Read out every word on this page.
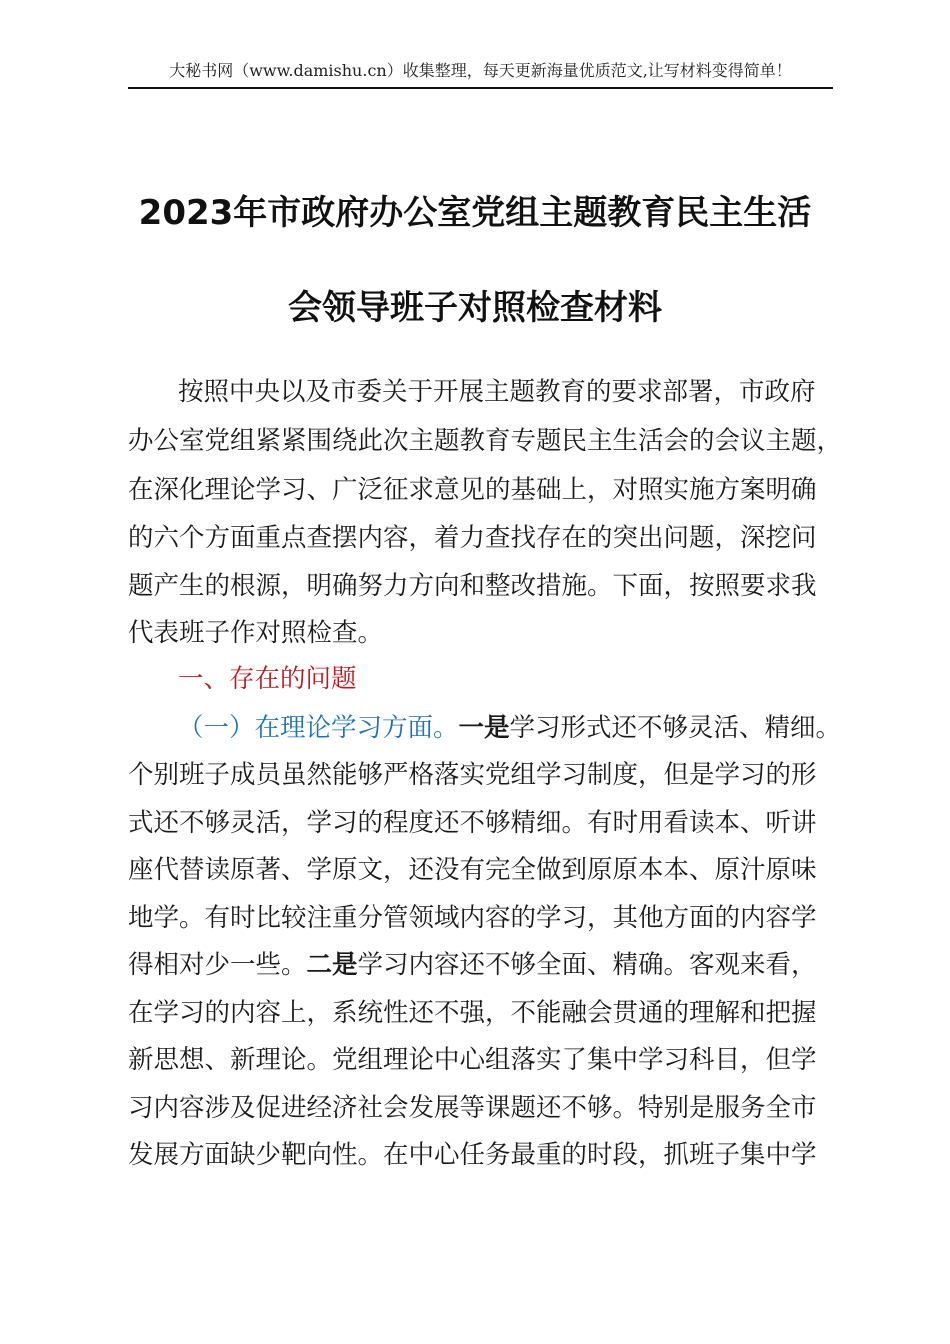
大秘书网（www.damishu.cn）收集整理，每天更新海量优质范文,让写材料变得简单！
2023年市政府办公室党组主题教育民主生活
会领导班子对照检查材料
按照中央以及市委关于开展主题教育的要求部署，市政府
办公室党组紧紧围绕此次主题教育专题民主生活会的会议主题，
在深化理论学习、广泛征求意见的基础上，对照实施方案明确
的六个方面重点查摆内容，着力查找存在的突出问题，深挖问
题产生的根源，明确努力方向和整改措施。下面，按照要求我
代表班子作对照检查。
一、存在的问题
（一）在理论学习方面。一是学习形式还不够灵活、精细。
个别班子成员虽然能够严格落实党组学习制度，但是学习的形
式还不够灵活，学习的程度还不够精细。有时用看读本、听讲
座代替读原著、学原文，还没有完全做到原原本本、原汁原味
地学。有时比较注重分管领域内容的学习，其他方面的内容学
得相对少一些。二是学习内容还不够全面、精确。客观来看，
在学习的内容上，系统性还不强，不能融会贯通的理解和把握
新思想、新理论。党组理论中心组落实了集中学习科目，但学
习内容涉及促进经济社会发展等课题还不够。特别是服务全市
发展方面缺少靶向性。在中心任务最重的时段，抓班子集中学
